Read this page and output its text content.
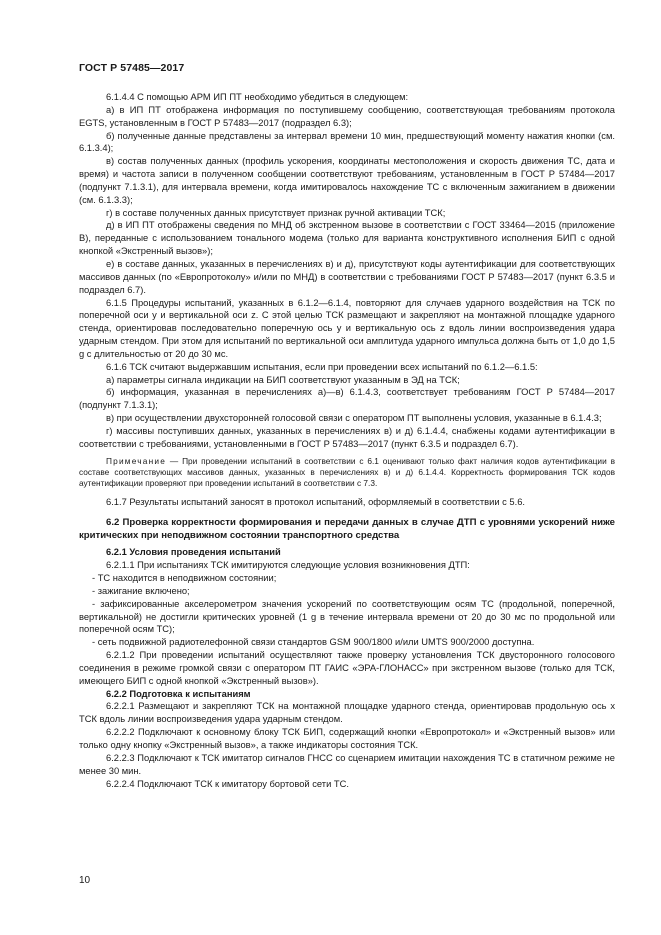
ГОСТ Р 57485—2017

6.1.4.4 С помощью АРМ ИП ПТ необходимо убедиться в следующем:

а) в ИП ПТ отображена информация по поступившему сообщению, соответствующая требованиям протокола EGTS, установленным в ГОСТ Р 57483—2017 (подраздел 6.3);

б) полученные данные представлены за интервал времени 10 мин, предшествующий моменту нажатия кнопки (см. 6.1.3.4);

в) состав полученных данных (профиль ускорения, координаты местоположения и скорость движения ТС, дата и время) и частота записи в полученном сообщении соответствуют требованиям, установленным в ГОСТ Р 57484—2017 (подпункт 7.1.3.1), для интервала времени, когда имитировалось нахождение ТС с включенным зажиганием в движении (см. 6.1.3.3);

г) в составе полученных данных присутствует признак ручной активации ТСК;

д) в ИП ПТ отображены сведения по МНД об экстренном вызове в соответствии с ГОСТ 33464—2015 (приложение В), переданные с использованием тонального модема (только для варианта конструктивного исполнения БИП с одной кнопкой «Экстренный вызов»);

е) в составе данных, указанных в перечислениях в) и д), присутствуют коды аутентификации для соответствующих массивов данных (по «Европротоколу» и/или по МНД) в соответствии с требованиями ГОСТ Р 57483—2017 (пункт 6.3.5 и подраздел 6.7).

6.1.5 Процедуры испытаний, указанных в 6.1.2—6.1.4, повторяют для случаев ударного воздействия на ТСК по поперечной оси y и вертикальной оси z. С этой целью ТСК размещают и закрепляют на монтажной площадке ударного стенда, ориентировав последовательно поперечную ось y и вертикальную ось z вдоль линии воспроизведения удара ударным стендом. При этом для испытаний по вертикальной оси амплитуда ударного импульса должна быть от 1,0 до 1,5 g с длительностью от 20 до 30 мс.

6.1.6 ТСК считают выдержавшим испытания, если при проведении всех испытаний по 6.1.2—6.1.5:

а) параметры сигнала индикации на БИП соответствуют указанным в ЭД на ТСК;

б) информация, указанная в перечислениях а)—в) 6.1.4.3, соответствует требованиям ГОСТ Р 57484—2017 (подпункт 7.1.3.1);

в) при осуществлении двухсторонней голосовой связи с оператором ПТ выполнены условия, указанные в 6.1.4.3;

г) массивы поступивших данных, указанных в перечислениях в) и д) 6.1.4.4, снабжены кодами аутентификации в соответствии с требованиями, установленными в ГОСТ Р 57483—2017 (пункт 6.3.5 и подраздел 6.7).

Примечание — При проведении испытаний в соответствии с 6.1 оценивают только факт наличия кодов аутентификации в составе соответствующих массивов данных, указанных в перечислениях в) и д) 6.1.4.4. Корректность формирования ТСК кодов аутентификации проверяют при проведении испытаний в соответствии с 7.3.

6.1.7 Результаты испытаний заносят в протокол испытаний, оформляемый в соответствии с 5.6.

6.2 Проверка корректности формирования и передачи данных в случае ДТП с уровнями ускорений ниже критических при неподвижном состоянии транспортного средства

6.2.1 Условия проведения испытаний

6.2.1.1 При испытаниях ТСК имитируются следующие условия возникновения ДТП:

- ТС находится в неподвижном состоянии;

- зажигание включено;

- зафиксированные акселерометром значения ускорений по соответствующим осям ТС (продольной, поперечной, вертикальной) не достигли критических уровней (1 g в течение интервала времени от 20 до 30 мс по продольной или поперечной осям ТС);

- сеть подвижной радиотелефонной связи стандартов GSM 900/1800 и/или UMTS 900/2000 доступна.

6.2.1.2 При проведении испытаний осуществляют также проверку установления ТСК двусторонного голосового соединения в режиме громкой связи с оператором ПТ ГАИС «ЭРА-ГЛОНАСС» при экстренном вызове (только для ТСК, имеющего БИП с одной кнопкой «Экстренный вызов»).

6.2.2 Подготовка к испытаниям

6.2.2.1 Размещают и закрепляют ТСК на монтажной площадке ударного стенда, ориентировав продольную ось x ТСК вдоль линии воспроизведения удара ударным стендом.

6.2.2.2 Подключают к основному блоку ТСК БИП, содержащий кнопки «Европротокол» и «Экстренный вызов» или только одну кнопку «Экстренный вызов», а также индикаторы состояния ТСК.

6.2.2.3 Подключают к ТСК имитатор сигналов ГНСС со сценарием имитации нахождения ТС в статичном режиме не менее 30 мин.

6.2.2.4 Подключают ТСК к имитатору бортовой сети ТС.

10
